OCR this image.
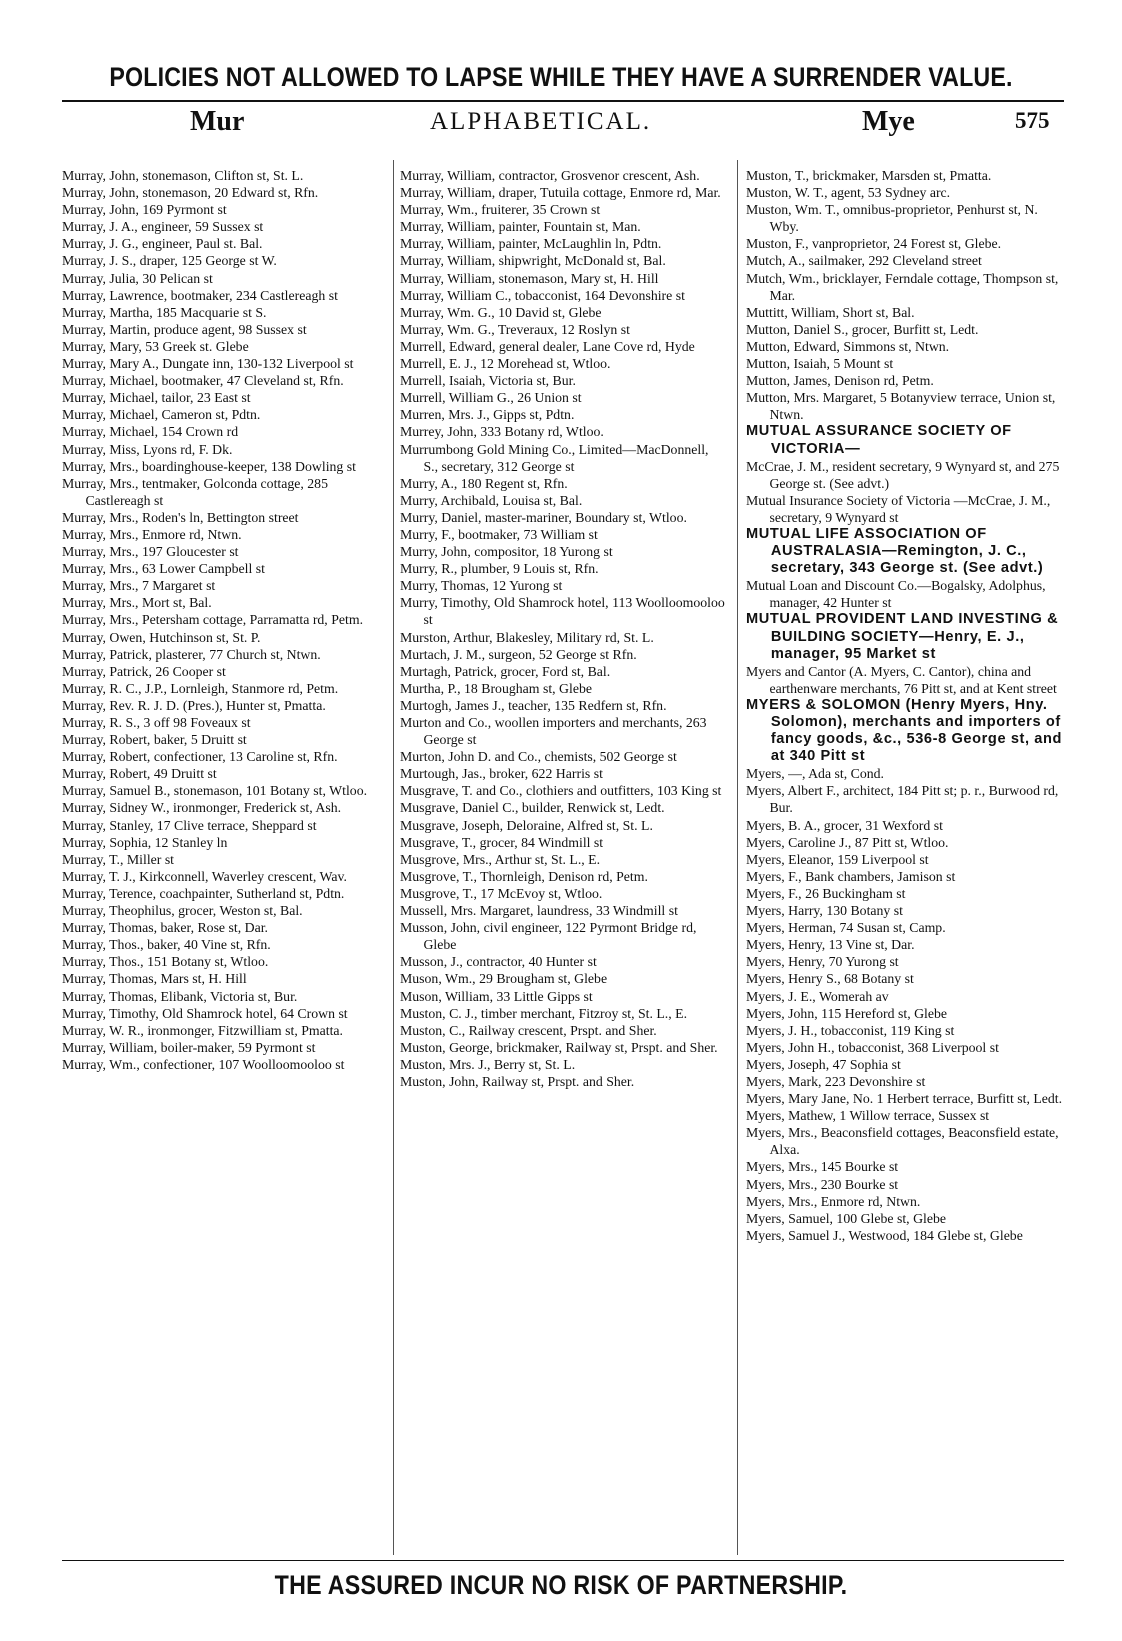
POLICIES NOT ALLOWED TO LAPSE WHILE THEY HAVE A SURRENDER VALUE.
Mur	ALPHABETICAL.	Mye	575

Murray, John, stonemason, Clifton st, St. L.

Murray, John, stonemason, 20 Edward st, Rfn.

Murray, John, 169 Pyrmont st

Murray, J. A., engineer, 59 Sussex st

Murray, J. G., engineer, Paul st. Bal.

Murray, J. S., draper, 125 George st W.

Murray, Julia, 30 Pelican st

Murray, Lawrence, bootmaker, 234 Castlereagh st

Murray, Martha, 185 Macquarie st S.

Murray, Martin, produce agent, 98 Sussex st

Murray, Mary, 53 Greek st. Glebe

Murray, Mary A., Dungate inn, 130-132 Liverpool st

Murray, Michael, bootmaker, 47 Cleveland st, Rfn.

Murray, Michael, tailor, 23 East st

Murray, Michael, Cameron st, Pdtn.

Murray, Michael, 154 Crown rd

Murray, Miss, Lyons rd, F. Dk.

Murray, Mrs., boardinghouse-keeper, 138 Dowling st

Murray, Mrs., tentmaker, Golconda cottage, 285 Castlereagh st

Murray, Mrs., Roden's ln, Bettington street

Murray, Mrs., Enmore rd, Ntwn.

Murray, Mrs., 197 Gloucester st

Murray, Mrs., 63 Lower Campbell st

Murray, Mrs., 7 Margaret st

Murray, Mrs., Mort st, Bal.

Murray, Mrs., Petersham cottage, Parramatta rd, Petm.

Murray, Owen, Hutchinson st, St. P.

Murray, Patrick, plasterer, 77 Church st, Ntwn.

Murray, Patrick, 26 Cooper st

Murray, R. C., J.P., Lornleigh, Stanmore rd, Petm.

Murray, Rev. R. J. D. (Pres.), Hunter st, Pmatta.

Murray, R. S., 3 off 98 Foveaux st

Murray, Robert, baker, 5 Druitt st

Murray, Robert, confectioner, 13 Caroline st, Rfn.

Murray, Robert, 49 Druitt st

Murray, Samuel B., stonemason, 101 Botany st, Wtloo.

Murray, Sidney W., ironmonger, Frederick st, Ash.

Murray, Stanley, 17 Clive terrace, Sheppard st

Murray, Sophia, 12 Stanley ln

Murray, T., Miller st

Murray, T. J., Kirkconnell, Waverley crescent, Wav.

Murray, Terence, coachpainter, Sutherland st, Pdtn.

Murray, Theophilus, grocer, Weston st, Bal.

Murray, Thomas, baker, Rose st, Dar.

Murray, Thos., baker, 40 Vine st, Rfn.

Murray, Thos., 151 Botany st, Wtloo.

Murray, Thomas, Mars st, H. Hill

Murray, Thomas, Elibank, Victoria st, Bur.

Murray, Timothy, Old Shamrock hotel, 64 Crown st

Murray, W. R., ironmonger, Fitzwilliam st, Pmatta.

Murray, William, boiler-maker, 59 Pyrmont st

Murray, Wm., confectioner, 107 Woolloomooloo st

Murray, William, contractor, Grosvenor crescent, Ash.

Murray, William, draper, Tutuila cottage, Enmore rd, Mar.

Murray, Wm., fruiterer, 35 Crown st

Murray, William, painter, Fountain st, Man.

Murray, William, painter, McLaughlin ln, Pdtn.

Murray, William, shipwright, McDonald st, Bal.

Murray, William, stonemason, Mary st, H. Hill

Murray, William C., tobacconist, 164 Devonshire st

Murray, Wm. G., 10 David st, Glebe

Murray, Wm. G., Treveraux, 12 Roslyn st

Murrell, Edward, general dealer, Lane Cove rd, Hyde

Murrell, E. J., 12 Morehead st, Wtloo.

Murrell, Isaiah, Victoria st, Bur.

Murrell, William G., 26 Union st

Murren, Mrs. J., Gipps st, Pdtn.

Murrey, John, 333 Botany rd, Wtloo.

Murrumbong Gold Mining Co., Limited—MacDonnell, S., secretary, 312 George st

Murry, A., 180 Regent st, Rfn.

Murry, Archibald, Louisa st, Bal.

Murry, Daniel, master-mariner, Boundary st, Wtloo.

Murry, F., bootmaker, 73 William st

Murry, John, compositor, 18 Yurong st

Murry, R., plumber, 9 Louis st, Rfn.

Murry, Thomas, 12 Yurong st

Murry, Timothy, Old Shamrock hotel, 113 Woolloomooloo st

Murston, Arthur, Blakesley, Military rd, St. L.

Murtach, J. M., surgeon, 52 George st Rfn.

Murtagh, Patrick, grocer, Ford st, Bal.

Murtha, P., 18 Brougham st, Glebe

Murtogh, James J., teacher, 135 Redfern st, Rfn.

Murton and Co., woollen importers and merchants, 263 George st

Murton, John D. and Co., chemists, 502 George st

Murtough, Jas., broker, 622 Harris st

Musgrave, T. and Co., clothiers and outfitters, 103 King st

Musgrave, Daniel C., builder, Renwick st, Ledt.

Musgrave, Joseph, Deloraine, Alfred st, St. L.

Musgrave, T., grocer, 84 Windmill st

Musgrove, Mrs., Arthur st, St. L., E.

Musgrove, T., Thornleigh, Denison rd, Petm.

Musgrove, T., 17 McEvoy st, Wtloo.

Mussell, Mrs. Margaret, laundress, 33 Windmill st

Musson, John, civil engineer, 122 Pyrmont Bridge rd, Glebe

Musson, J., contractor, 40 Hunter st

Muson, Wm., 29 Brougham st, Glebe

Muson, William, 33 Little Gipps st

Muston, C. J., timber merchant, Fitzroy st, St. L., E.

Muston, C., Railway crescent, Prspt. and Sher.

Muston, George, brickmaker, Railway st, Prspt. and Sher.

Muston, Mrs. J., Berry st, St. L.

Muston, John, Railway st, Prspt. and Sher.

Muston, T., brickmaker, Marsden st, Pmatta.

Muston, W. T., agent, 53 Sydney arc.

Muston, Wm. T., omnibus-proprietor, Penhurst st, N. Wby.

Muston, F., vanproprietor, 24 Forest st, Glebe.

Mutch, A., sailmaker, 292 Cleveland street

Mutch, Wm., bricklayer, Ferndale cottage, Thompson st, Mar.

Muttitt, William, Short st, Bal.

Mutton, Daniel S., grocer, Burfitt st, Ledt.

Mutton, Edward, Simmons st, Ntwn.

Mutton, Isaiah, 5 Mount st

Mutton, James, Denison rd, Petm.

Mutton, Mrs. Margaret, 5 Botanyview terrace, Union st, Ntwn.

MUTUAL ASSURANCE SOCIETY OF VICTORIA—

McCrae, J. M., resident secretary, 9 Wynyard st, and 275 George st. (See advt.)

Mutual Insurance Society of Victoria —McCrae, J. M., secretary, 9 Wynyard st

MUTUAL LIFE ASSOCIATION OF AUSTRALASIA—Remington, J. C., secretary, 343 George st. (See advt.)

Mutual Loan and Discount Co.—Bogalsky, Adolphus, manager, 42 Hunter st

MUTUAL PROVIDENT LAND INVESTING & BUILDING SOCIETY—Henry, E. J., manager, 95 Market st

Myers and Cantor (A. Myers, C. Cantor), china and earthenware merchants, 76 Pitt st, and at Kent street

MYERS & SOLOMON (Henry Myers, Hny. Solomon), merchants and importers of fancy goods, &c., 536-8 George st, and at 340 Pitt st

Myers, —, Ada st, Cond.

Myers, Albert F., architect, 184 Pitt st; p. r., Burwood rd, Bur.

Myers, B. A., grocer, 31 Wexford st

Myers, Caroline J., 87 Pitt st, Wtloo.

Myers, Eleanor, 159 Liverpool st

Myers, F., Bank chambers, Jamison st

Myers, F., 26 Buckingham st

Myers, Harry, 130 Botany st

Myers, Herman, 74 Susan st, Camp.

Myers, Henry, 13 Vine st, Dar.

Myers, Henry, 70 Yurong st

Myers, Henry S., 68 Botany st

Myers, J. E., Womerah av

Myers, John, 115 Hereford st, Glebe

Myers, J. H., tobacconist, 119 King st

Myers, John H., tobacconist, 368 Liverpool st

Myers, Joseph, 47 Sophia st

Myers, Mark, 223 Devonshire st

Myers, Mary Jane, No. 1 Herbert terrace, Burfitt st, Ledt.

Myers, Mathew, 1 Willow terrace, Sussex st

Myers, Mrs., Beaconsfield cottages, Beaconsfield estate, Alxa.

Myers, Mrs., 145 Bourke st

Myers, Mrs., 230 Bourke st

Myers, Mrs., Enmore rd, Ntwn.

Myers, Samuel, 100 Glebe st, Glebe

Myers, Samuel J., Westwood, 184 Glebe st, Glebe

THE ASSURED INCUR NO RISK OF PARTNERSHIP.
